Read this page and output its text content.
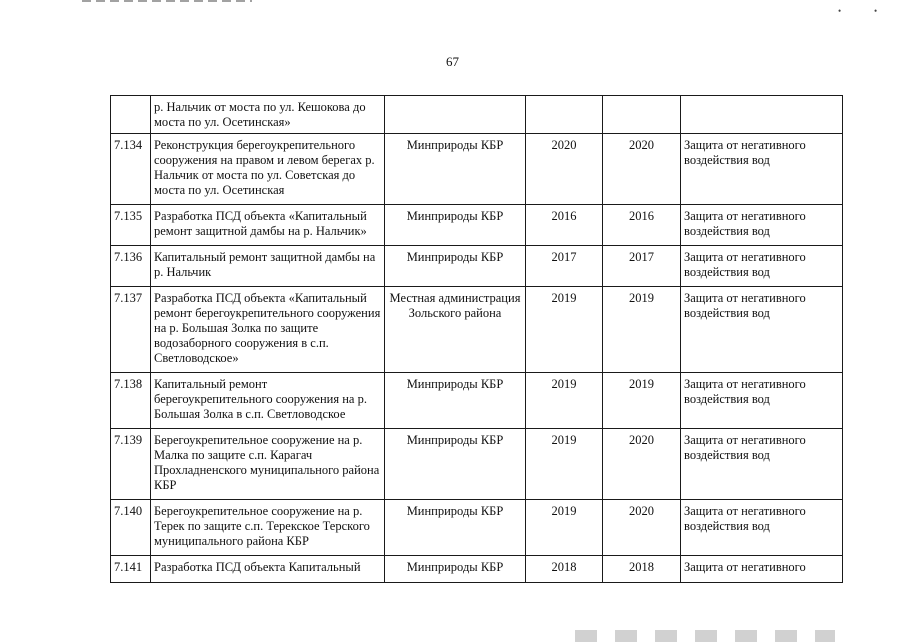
•	•
67
	р. Нальчик от моста по ул. Кешокова до моста по ул. Осетинская»				
7.134	Реконструкция берегоукрепительного сооружения на правом и левом берегах р. Нальчик от моста по ул. Советская до моста по ул. Осетинская	Минприроды КБР	2020	2020	Защита от негативного воздействия вод
7.135	Разработка ПСД объекта «Капитальный ремонт защитной дамбы на р. Нальчик»	Минприроды КБР	2016	2016	Защита от негативного воздействия вод
7.136	Капитальный ремонт защитной дамбы на р. Нальчик	Минприроды КБР	2017	2017	Защита от негативного воздействия вод
7.137	Разработка ПСД объекта «Капитальный ремонт берегоукрепительного сооружения на р. Большая Золка по защите водозаборного сооружения в с.п. Светловодское»	Местная администрация Зольского района	2019	2019	Защита от негативного воздействия вод
7.138	Капитальный ремонт берегоукрепительного сооружения на р. Большая Золка в с.п. Светловодское	Минприроды КБР	2019	2019	Защита от негативного воздействия вод
7.139	Берегоукрепительное сооружение на р. Малка по защите с.п. Карагач Прохладненского муниципального района КБР	Минприроды КБР	2019	2020	Защита от негативного воздействия вод
7.140	Берегоукрепительное сооружение на р. Терек по защите с.п. Терекское Терского муниципального района КБР	Минприроды КБР	2019	2020	Защита от негативного воздействия вод
7.141	Разработка ПСД объекта Капитальный	Минприроды КБР	2018	2018	Защита от негативного
